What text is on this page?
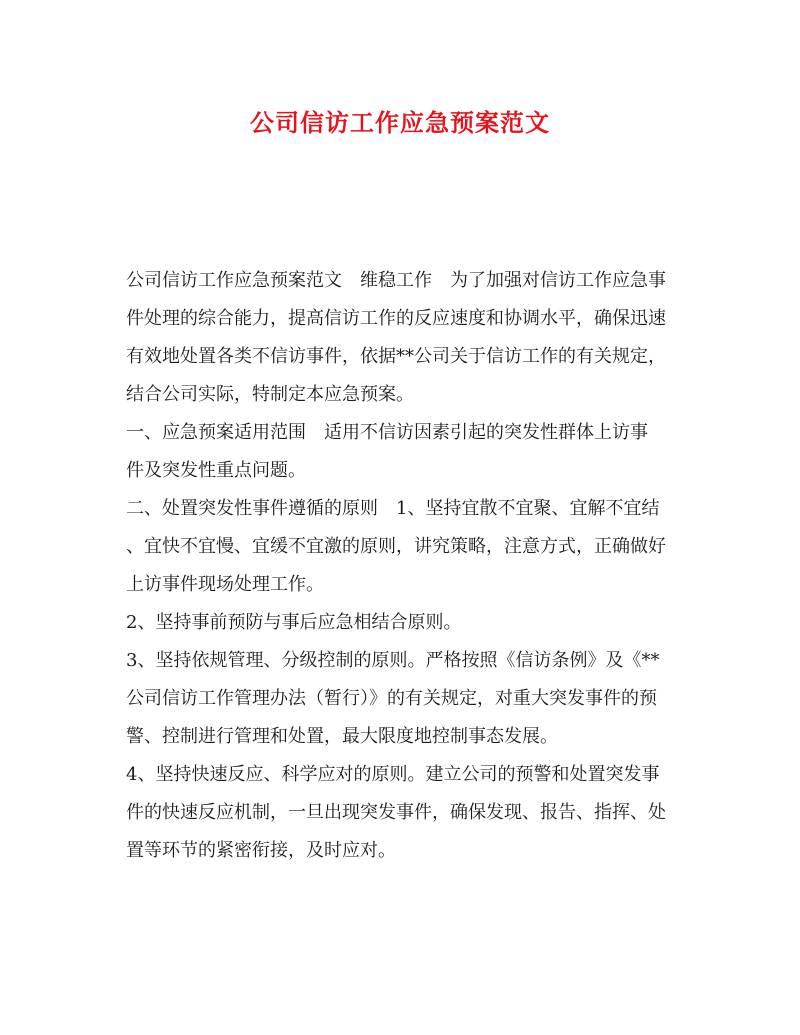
公司信访工作应急预案范文
公司信访工作应急预案范文　维稳工作　为了加强对信访工作应急事
件处理的综合能力，提高信访工作的反应速度和协调水平，确保迅速
有效地处置各类不信访事件，依据**公司关于信访工作的有关规定，
结合公司实际，特制定本应急预案。
一、应急预案适用范围　适用不信访因素引起的突发性群体上访事
件及突发性重点问题。
二、处置突发性事件遵循的原则　1、坚持宜散不宜聚、宜解不宜结
、宜快不宜慢、宜缓不宜激的原则，讲究策略，注意方式，正确做好
上访事件现场处理工作。
2、坚持事前预防与事后应急相结合原则。
3、坚持依规管理、分级控制的原则。严格按照《信访条例》及《**
公司信访工作管理办法（暂行）》的有关规定，对重大突发事件的预
警、控制进行管理和处置，最大限度地控制事态发展。
4、坚持快速反应、科学应对的原则。建立公司的预警和处置突发事
件的快速反应机制，一旦出现突发事件，确保发现、报告、指挥、处
置等环节的紧密衔接，及时应对。
